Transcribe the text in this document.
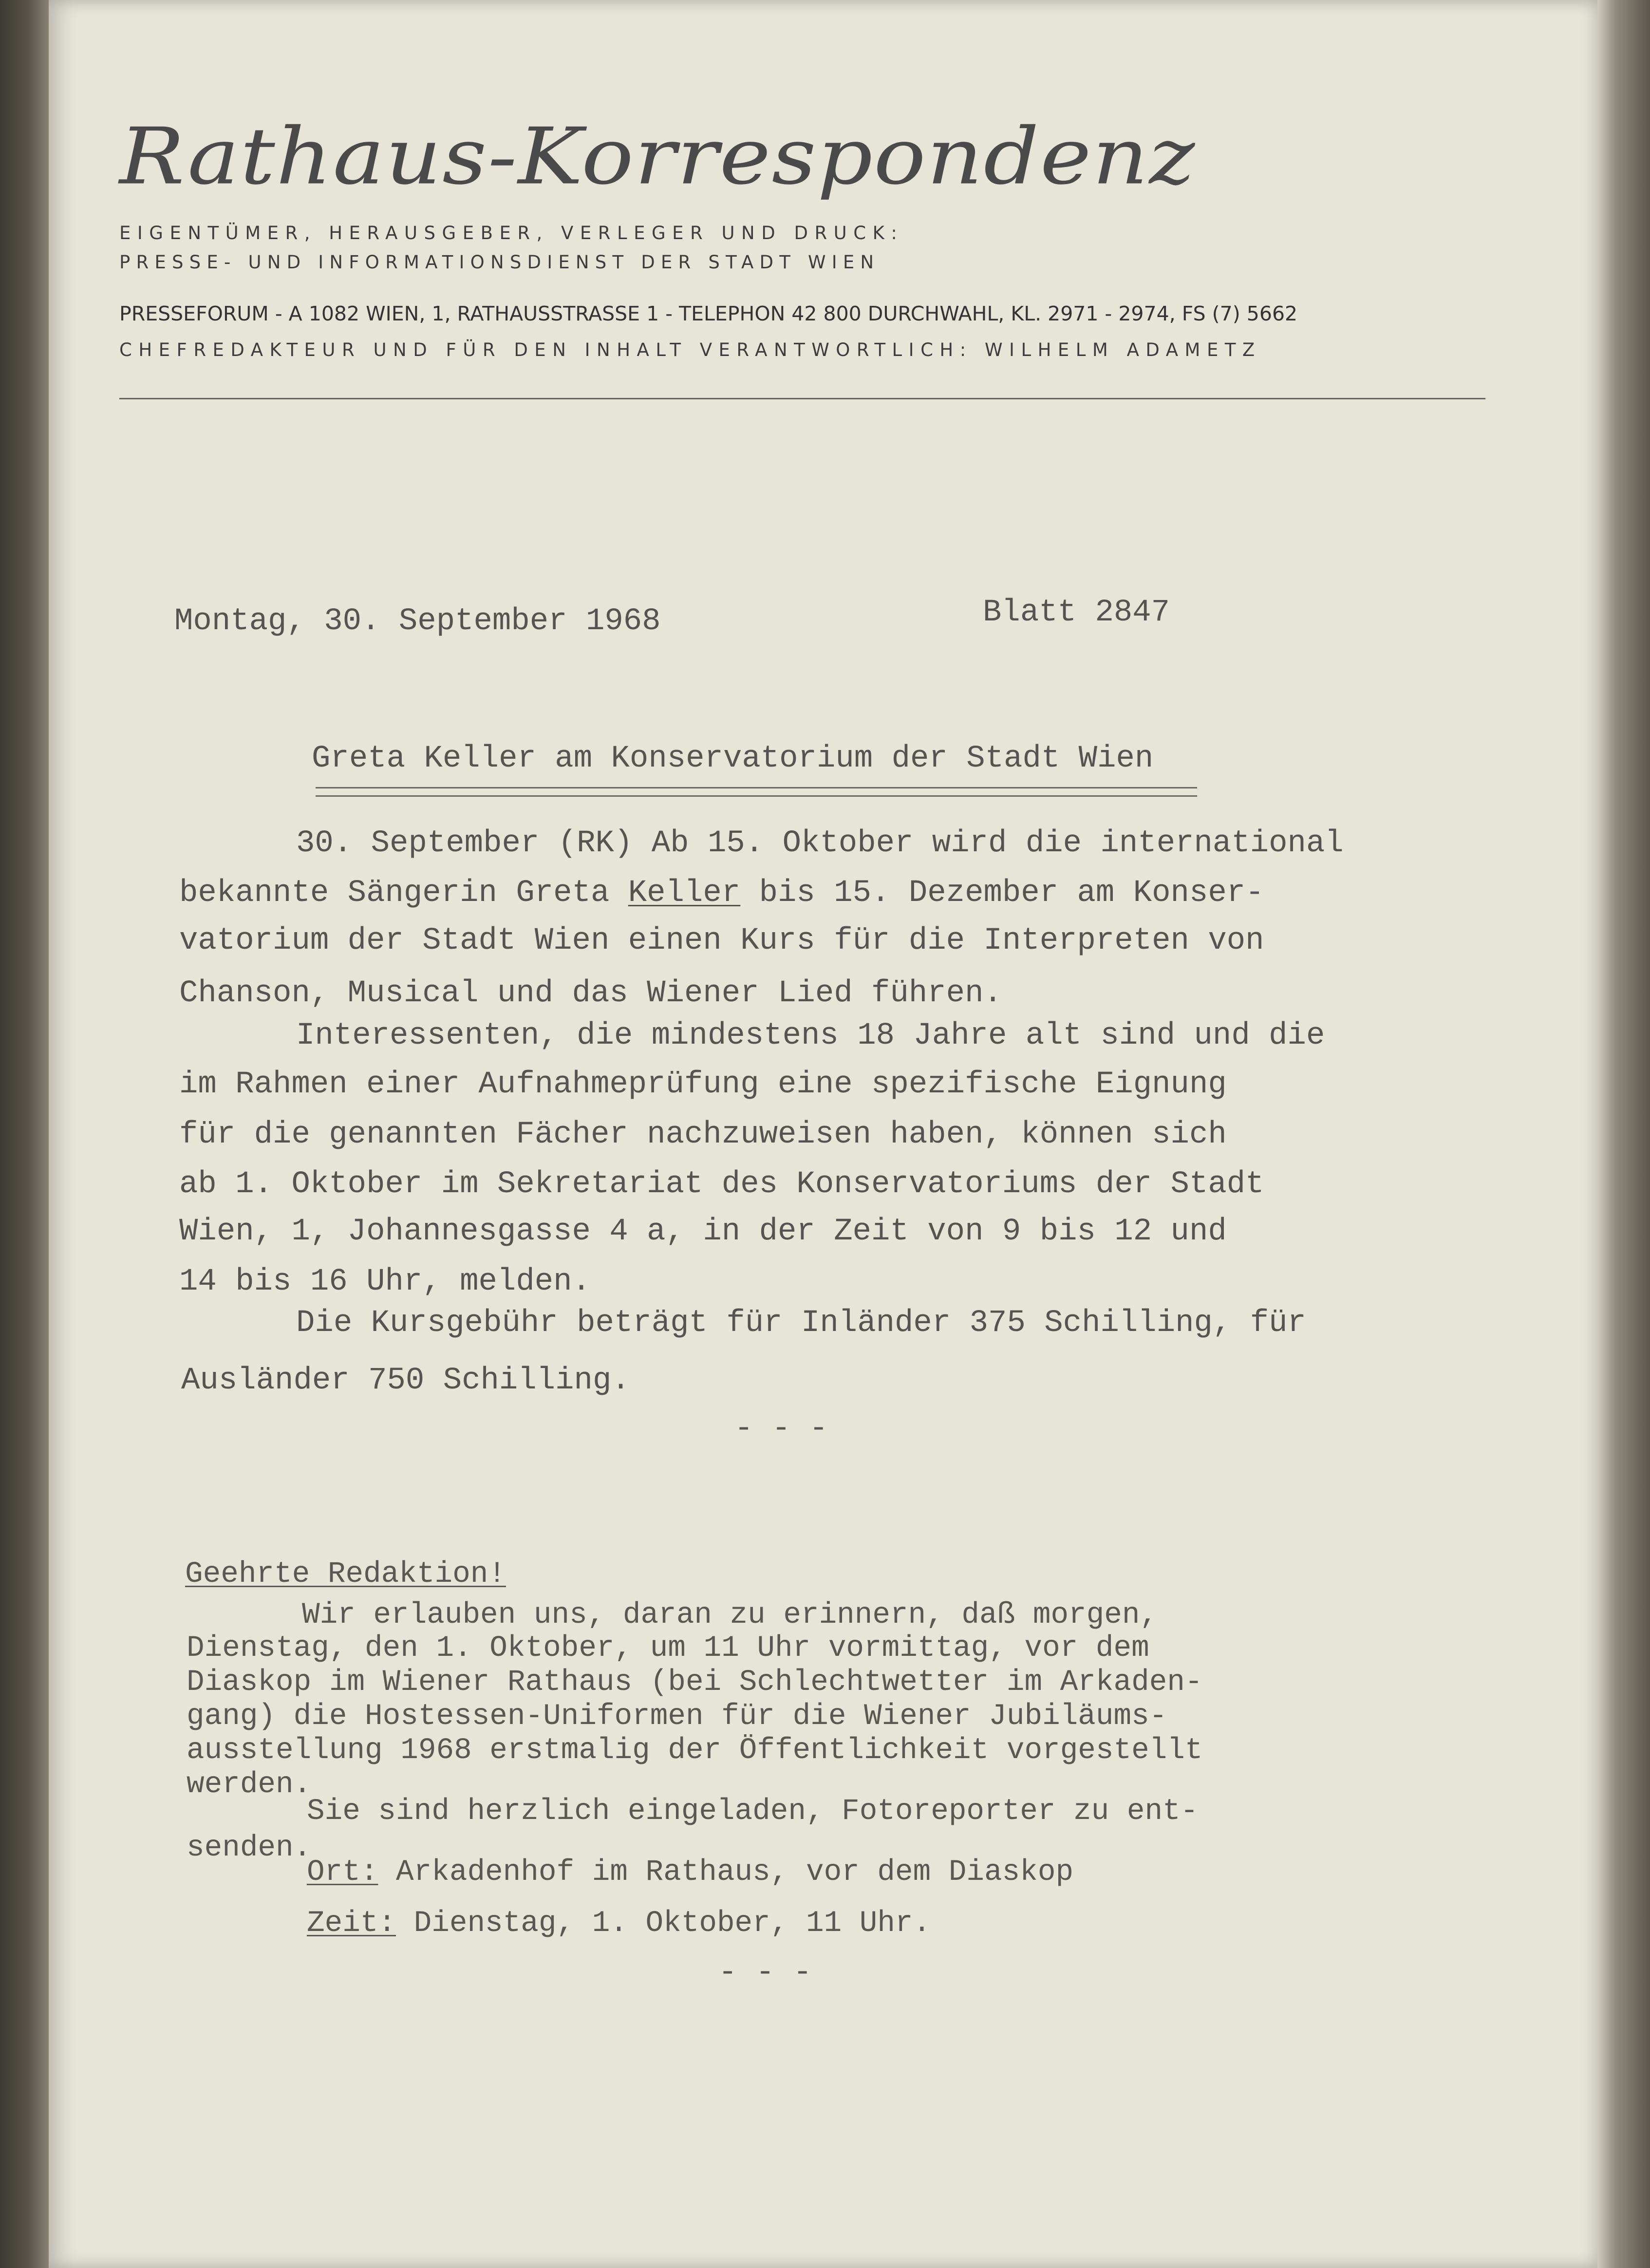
Rathaus-Korrespondenz

EIGENTÜMER, HERAUSGEBER, VERLEGER UND DRUCK:

PRESSE- UND INFORMATIONSDIENST DER STADT WIEN

PRESSEFORUM - A 1082 WIEN, 1, RATHAUSSTRASSE 1 - TELEPHON 42 800 DURCHWAHL, KL. 2971 - 2974, FS (7) 5662

CHEFREDAKTEUR UND FÜR DEN INHALT VERANTWORTLICH: WILHELM ADAMETZ

Montag, 30. September 1968	Blatt 2847

Greta Keller am Konservatorium der Stadt Wien

30. September (RK) Ab 15. Oktober wird die international

bekannte Sängerin Greta Keller bis 15. Dezember am Konser-

vatorium der Stadt Wien einen Kurs für die Interpreten von

Chanson, Musical und das Wiener Lied führen.

Interessenten, die mindestens 18 Jahre alt sind und die

im Rahmen einer Aufnahmeprüfung eine spezifische Eignung

für die genannten Fächer nachzuweisen haben, können sich

ab 1. Oktober im Sekretariat des Konservatoriums der Stadt

Wien, 1, Johannesgasse 4 a, in der Zeit von 9 bis 12 und

14 bis 16 Uhr, melden.

Die Kursgebühr beträgt für Inländer 375 Schilling, für

Ausländer 750 Schilling.

- - -

Geehrte Redaktion!

Wir erlauben uns, daran zu erinnern, daß morgen,

Dienstag, den 1. Oktober, um 11 Uhr vormittag, vor dem

Diaskop im Wiener Rathaus (bei Schlechtwetter im Arkaden-

gang) die Hostessen-Uniformen für die Wiener Jubiläums-

ausstellung 1968 erstmalig der Öffentlichkeit vorgestellt

werden.

Sie sind herzlich eingeladen, Fotoreporter zu ent-

senden.

Ort: Arkadenhof im Rathaus, vor dem Diaskop

Zeit: Dienstag, 1. Oktober, 11 Uhr.

- - -
